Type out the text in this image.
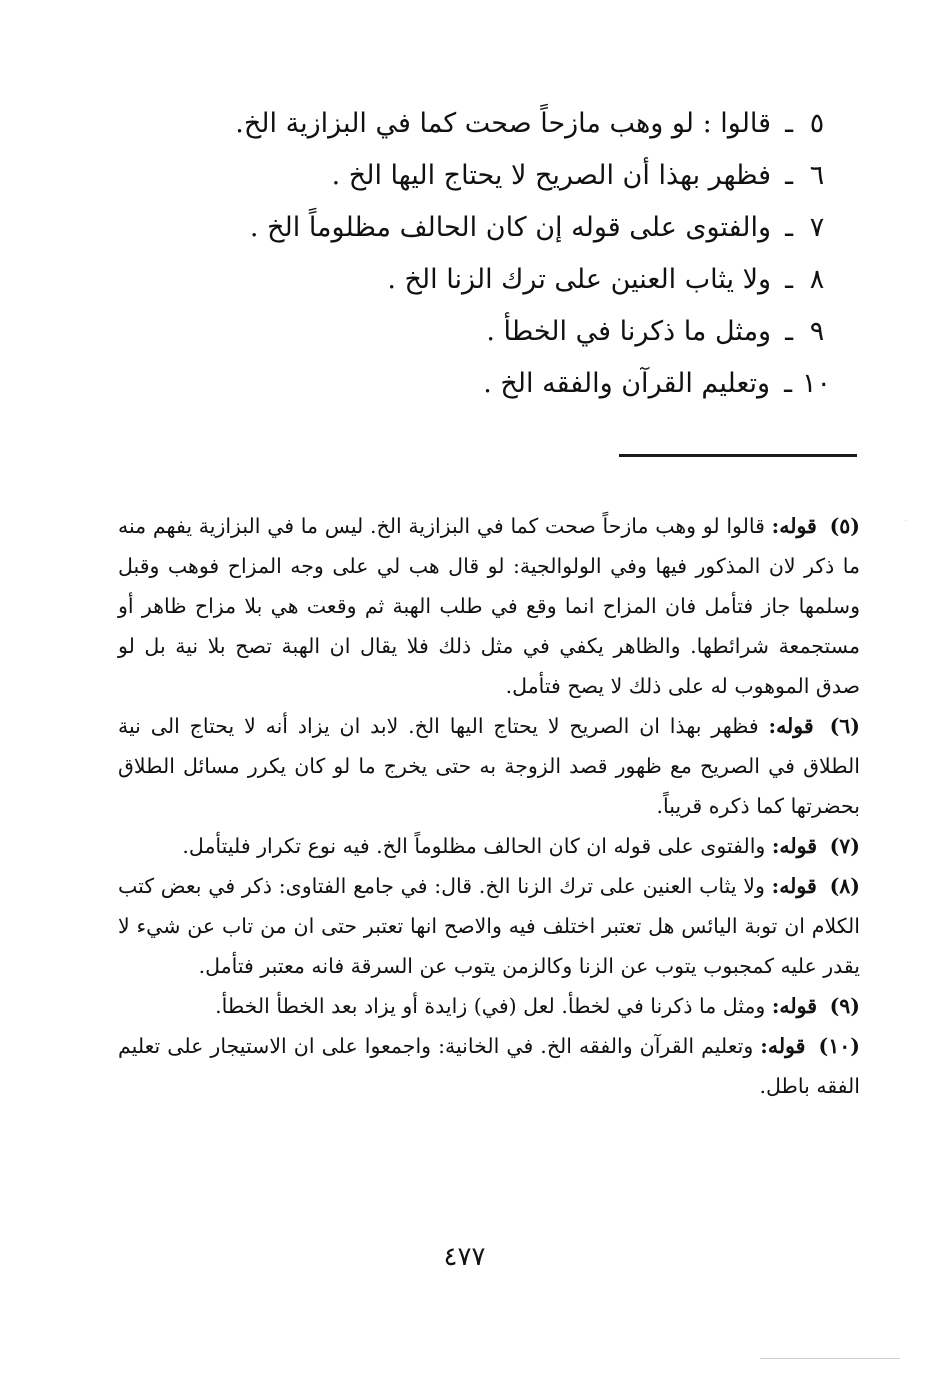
٥ـقالوا : لو وهب مازحاً صحت كما في البزازية الخ.
٦ـفظهر بهذا أن الصريح لا يحتاج اليها الخ .
٧ـوالفتوى على قوله إن كان الحالف مظلوماً الخ .
٨ـولا يثاب العنين على ترك الزنا الخ .
٩ـومثل ما ذكرنا في الخطأ .
١٠ـوتعليم القرآن والفقه الخ .

(٥) قوله: قالوا لو وهب مازحاً صحت كما في البزازية الخ. ليس ما في البزازية يفهم منه ما ذكر لان المذكور فيها وفي الولوالجية: لو قال هب لي على وجه المزاح فوهب وقبل وسلمها جاز فتأمل فان المزاح انما وقع في طلب الهبة ثم وقعت هي بلا مزاح ظاهر أو مستجمعة شرائطها. والظاهر يكفي في مثل ذلك فلا يقال ان الهبة تصح بلا نية بل لو صدق الموهوب له على ذلك لا يصح فتأمل.

(٦) قوله: فظهر بهذا ان الصريح لا يحتاج اليها الخ. لابد ان يزاد أنه لا يحتاج الى نية الطلاق في الصريح مع ظهور قصد الزوجة به حتى يخرج ما لو كان يكرر مسائل الطلاق بحضرتها كما ذكره قريباً.

(٧) قوله: والفتوى على قوله ان كان الحالف مظلوماً الخ. فيه نوع تكرار فليتأمل.

(٨) قوله: ولا يثاب العنين على ترك الزنا الخ. قال: في جامع الفتاوى: ذكر في بعض كتب الكلام ان توبة اليائس هل تعتبر اختلف فيه والاصح انها تعتبر حتى ان من تاب عن شيء لا يقدر عليه كمجبوب يتوب عن الزنا وكالزمن يتوب عن السرقة فانه معتبر فتأمل.

(٩) قوله: ومثل ما ذكرنا في لخطأ. لعل (في) زايدة أو يزاد بعد الخطأ الخطأ.

(١٠) قوله: وتعليم القرآن والفقه الخ. في الخانية: واجمعوا على ان الاستيجار على تعليم الفقه باطل.

٤٧٧
